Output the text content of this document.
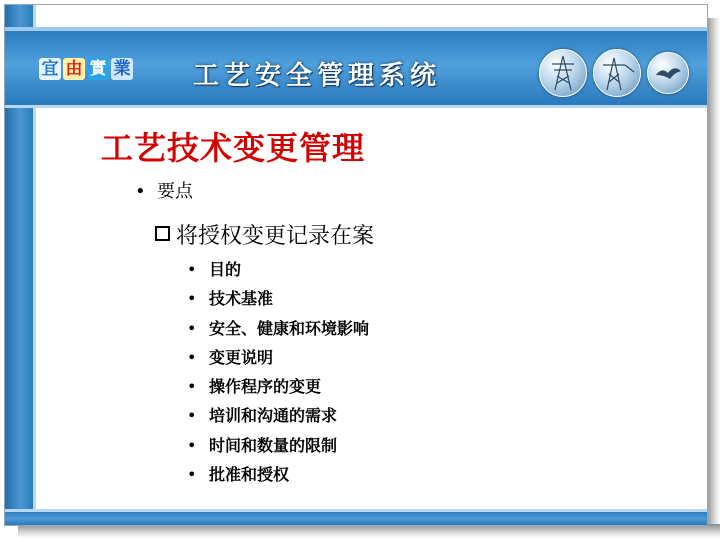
宜 由 實 業 工艺安全管理系统
工艺技术变更管理
• 要点
将授权变更记录在案
• 目的
• 技术基准
• 安全、健康和环境影响
• 变更说明
• 操作程序的变更
• 培训和沟通的需求
• 时间和数量的限制
• 批准和授权
